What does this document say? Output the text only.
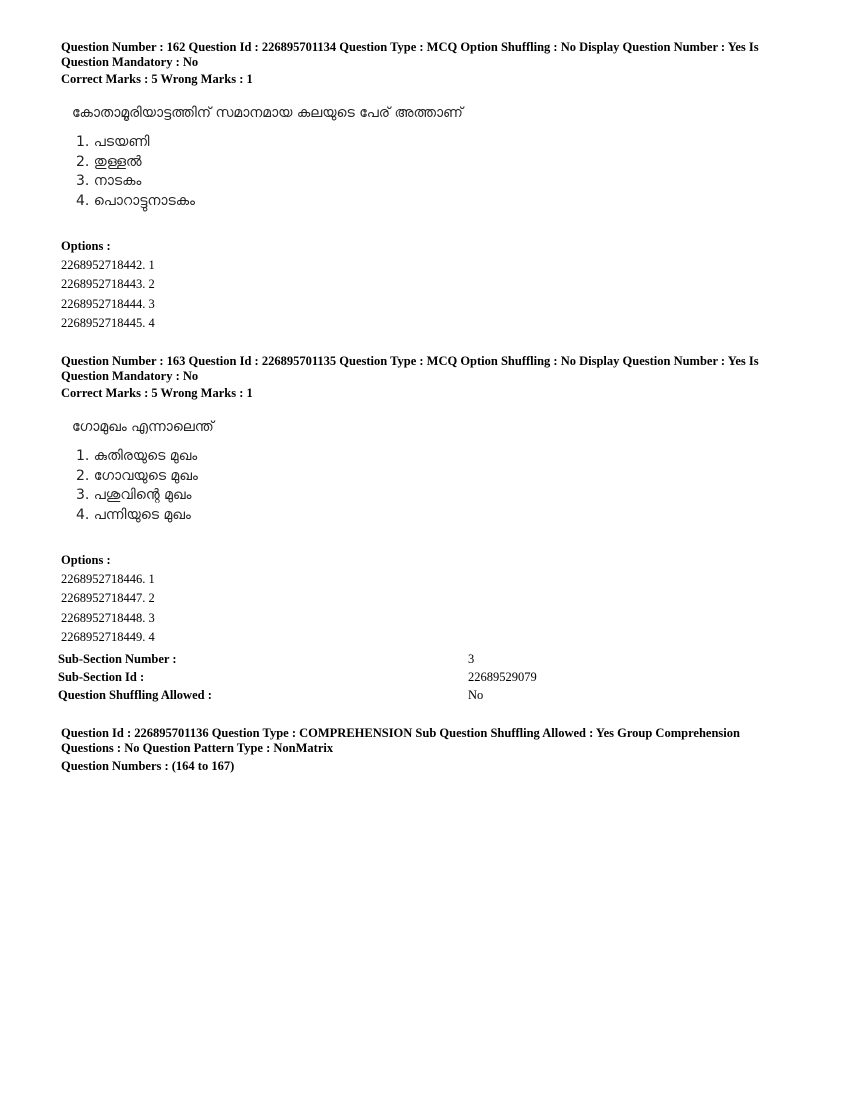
Question Number : 162 Question Id : 226895701134 Question Type : MCQ Option Shuffling : No Display Question Number : Yes Is
Question Mandatory : No
Correct Marks : 5 Wrong Marks : 1
കോതാമൂരിയാട്ടത്തിന് സമാനമായ കലയുടെ പേര് അത്താണ്
1. പടയണി
2. തുള്ളൽ
3. നാടകം
4. പൊറാട്ടുനാടകം
Options :
2268952718442. 1
2268952718443. 2
2268952718444. 3
2268952718445. 4
Question Number : 163 Question Id : 226895701135 Question Type : MCQ Option Shuffling : No Display Question Number : Yes Is
Question Mandatory : No
Correct Marks : 5 Wrong Marks : 1
ഗോമുഖം എന്നാലെന്ത്
1. കുതിരയുടെ മുഖം
2. ഗോവയുടെ മുഖം
3. പശുവിന്റെ മുഖം
4. പന്നിയുടെ മുഖം
Options :
2268952718446. 1
2268952718447. 2
2268952718448. 3
2268952718449. 4
Sub-Section Number :	3
Sub-Section Id :	22689529079
Question Shuffling Allowed :	No
Question Id : 226895701136 Question Type : COMPREHENSION Sub Question Shuffling Allowed : Yes Group Comprehension
Questions : No Question Pattern Type : NonMatrix
Question Numbers : (164 to 167)
